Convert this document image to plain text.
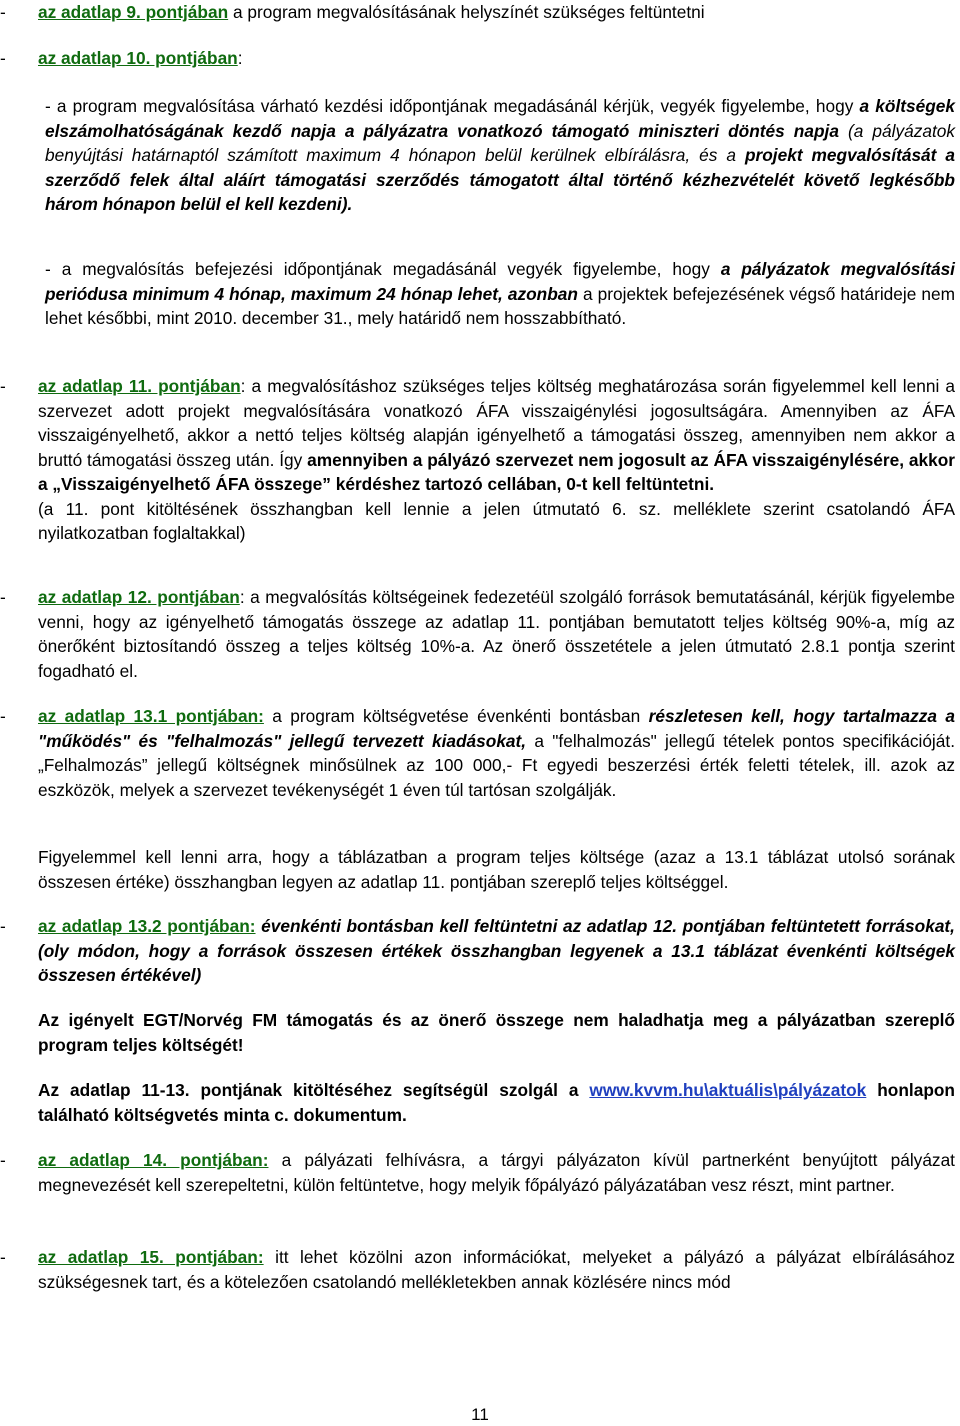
- az adatlap 9. pontjában a program megvalósításának helyszínét szükséges feltüntetni
- az adatlap 10. pontjában:
- a program megvalósítása várható kezdési időpontjának megadásánál kérjük, vegyék figyelembe, hogy a költségek elszámolhatóságának kezdő napja a pályázatra vonatkozó támogató miniszteri döntés napja (a pályázatok benyújtási határnaptól számított maximum 4 hónapon belül kerülnek elbírálásra, és a projekt megvalósítását a szerződő felek által aláírt támogatási szerződés támogatott által történő kézhezvételét követő legkésőbb három hónapon belül el kell kezdeni).
- a megvalósítás befejezési időpontjának megadásánál vegyék figyelembe, hogy a pályázatok megvalósítási periódusa minimum 4 hónap, maximum 24 hónap lehet, azonban a projektek befejezésének végső határideje nem lehet későbbi, mint 2010. december 31., mely határidő nem hosszabbítható.
- az adatlap 11. pontjában: a megvalósításhoz szükséges teljes költség meghatározása során figyelemmel kell lenni a szervezet adott projekt megvalósítására vonatkozó ÁFA visszaigénylési jogosultságára. Amennyiben az ÁFA visszaigényelhető, akkor a nettó teljes költség alapján igényelhető a támogatási összeg, amennyiben nem akkor a bruttó támogatási összeg után. Így amennyiben a pályázó szervezet nem jogosult az ÁFA visszaigénylésére, akkor a „Visszaigényelhető ÁFA összege” kérdéshez tartozó cellában, 0-t kell feltüntetni.
(a 11. pont kitöltésének összhangban kell lennie a jelen útmutató 6. sz. melléklete szerint csatolandó ÁFA nyilatkozatban foglaltakkal)
- az adatlap 12. pontjában: a megvalósítás költségeinek fedezetéül szolgáló források bemutatásánál, kérjük figyelembe venni, hogy az igényelhető támogatás összege az adatlap 11. pontjában bemutatott teljes költség 90%-a, míg az önerőként biztosítandó összeg a teljes költség 10%-a. Az önerő összetétele a jelen útmutató 2.8.1 pontja szerint fogadható el.
- az adatlap 13.1 pontjában: a program költségvetése évenkénti bontásban részletesen kell, hogy tartalmazza a "működés" és "felhalmozás" jellegű tervezett kiadásokat, a "felhalmozás" jellegű tételek pontos specifikációját. „Felhalmozás” jellegű költségnek minősülnek az 100 000,- Ft egyedi beszerzési érték feletti tételek, ill. azok az eszközök, melyek a szervezet tevékenységét 1 éven túl tartósan szolgálják.
Figyelemmel kell lenni arra, hogy a táblázatban a program teljes költsége (azaz a 13.1 táblázat utolsó sorának összesen értéke) összhangban legyen az adatlap 11. pontjában szereplő teljes költséggel.
- az adatlap 13.2 pontjában: évenkénti bontásban kell feltüntetni az adatlap 12. pontjában feltüntetett forrásokat, (oly módon, hogy a források összesen értékek összhangban legyenek a 13.1 táblázat évenkénti költségek összesen értékével)
Az igényelt EGT/Norvég FM támogatás és az önerő összege nem haladhatja meg a pályázatban szereplő program teljes költségét!
Az adatlap 11-13. pontjának kitöltéséhez segítségül szolgál a www.kvvm.hu\aktuális\pályázatok honlapon található költségvetés minta c. dokumentum.
- az adatlap 14. pontjában: a pályázati felhívásra, a tárgyi pályázaton kívül partnerként benyújtott pályázat megnevezését kell szerepeltetni, külön feltüntetve, hogy melyik főpályázó pályázatában vesz részt, mint partner.
- az adatlap 15. pontjában: itt lehet közölni azon információkat, melyeket a pályázó a pályázat elbírálásához szükségesnek tart, és a kötelezően csatolandó mellékletekben annak közlésére nincs mód
11
